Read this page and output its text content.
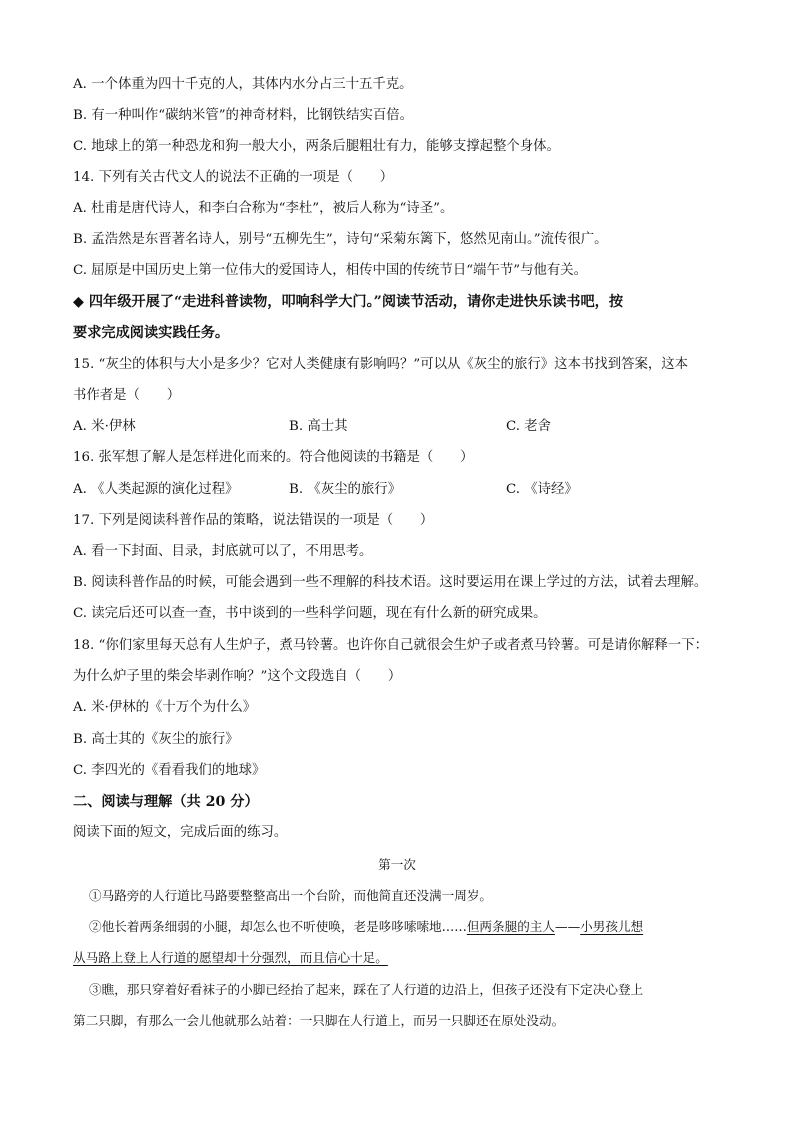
A. 一个体重为四十千克的人，其体内水分占三十五千克。
B. 有一种叫作“碳纳米管”的神奇材料，比钢铁结实百倍。
C. 地球上的第一种恐龙和狗一般大小，两条后腿粗壮有力，能够支撑起整个身体。
14. 下列有关古代文人的说法不正确的一项是（　　）
A. 杜甫是唐代诗人，和李白合称为“李杜”，被后人称为“诗圣”。
B. 孟浩然是东晋著名诗人，别号“五柳先生”，诗句“采菊东篱下，悠然见南山。”流传很广。
C. 屈原是中国历史上第一位伟大的爱国诗人，相传中国的传统节日“端午节”与他有关。
◆ 四年级开展了“走进科普读物，叩响科学大门。”阅读节活动，请你走进快乐读书吧，按
要求完成阅读实践任务。
15. “灰尘的体积与大小是多少？它对人类健康有影响吗？”可以从《灰尘的旅行》这本书找到答案，这本
书作者是（　　）
A. 米·伊林	B. 高士其	C. 老舍
16. 张军想了解人是怎样进化而来的。符合他阅读的书籍是（　　）
A. 《人类起源的演化过程》	B. 《灰尘的旅行》	C. 《诗经》
17. 下列是阅读科普作品的策略，说法错误的一项是（　　）
A. 看一下封面、目录，封底就可以了，不用思考。
B. 阅读科普作品的时候，可能会遇到一些不理解的科技术语。这时要运用在课上学过的方法，试着去理解。
C. 读完后还可以查一查，书中谈到的一些科学问题，现在有什么新的研究成果。
18. “你们家里每天总有人生炉子，煮马铃薯。也许你自己就很会生炉子或者煮马铃薯。可是请你解释一下：
为什么炉子里的柴会毕剥作响？”这个文段选自（　　）
A. 米·伊林的《十万个为什么》
B. 高士其的《灰尘的旅行》
C. 李四光的《看看我们的地球》
二、阅读与理解（共 20 分）
阅读下面的短文，完成后面的练习。
第一次
①马路旁的人行道比马路要整整高出一个台阶，而他简直还没满一周岁。
②他长着两条细弱的小腿，却怎么也不听使唤，老是哆哆嗦嗦地……但两条腿的主人——小男孩儿想
从马路上登上人行道的愿望却十分强烈，而且信心十足。
③瞧，那只穿着好看袜子的小脚已经抬了起来，踩在了人行道的边沿上，但孩子还没有下定决心登上
第二只脚，有那么一会儿他就那么站着：一只脚在人行道上，而另一只脚还在原处没动。
